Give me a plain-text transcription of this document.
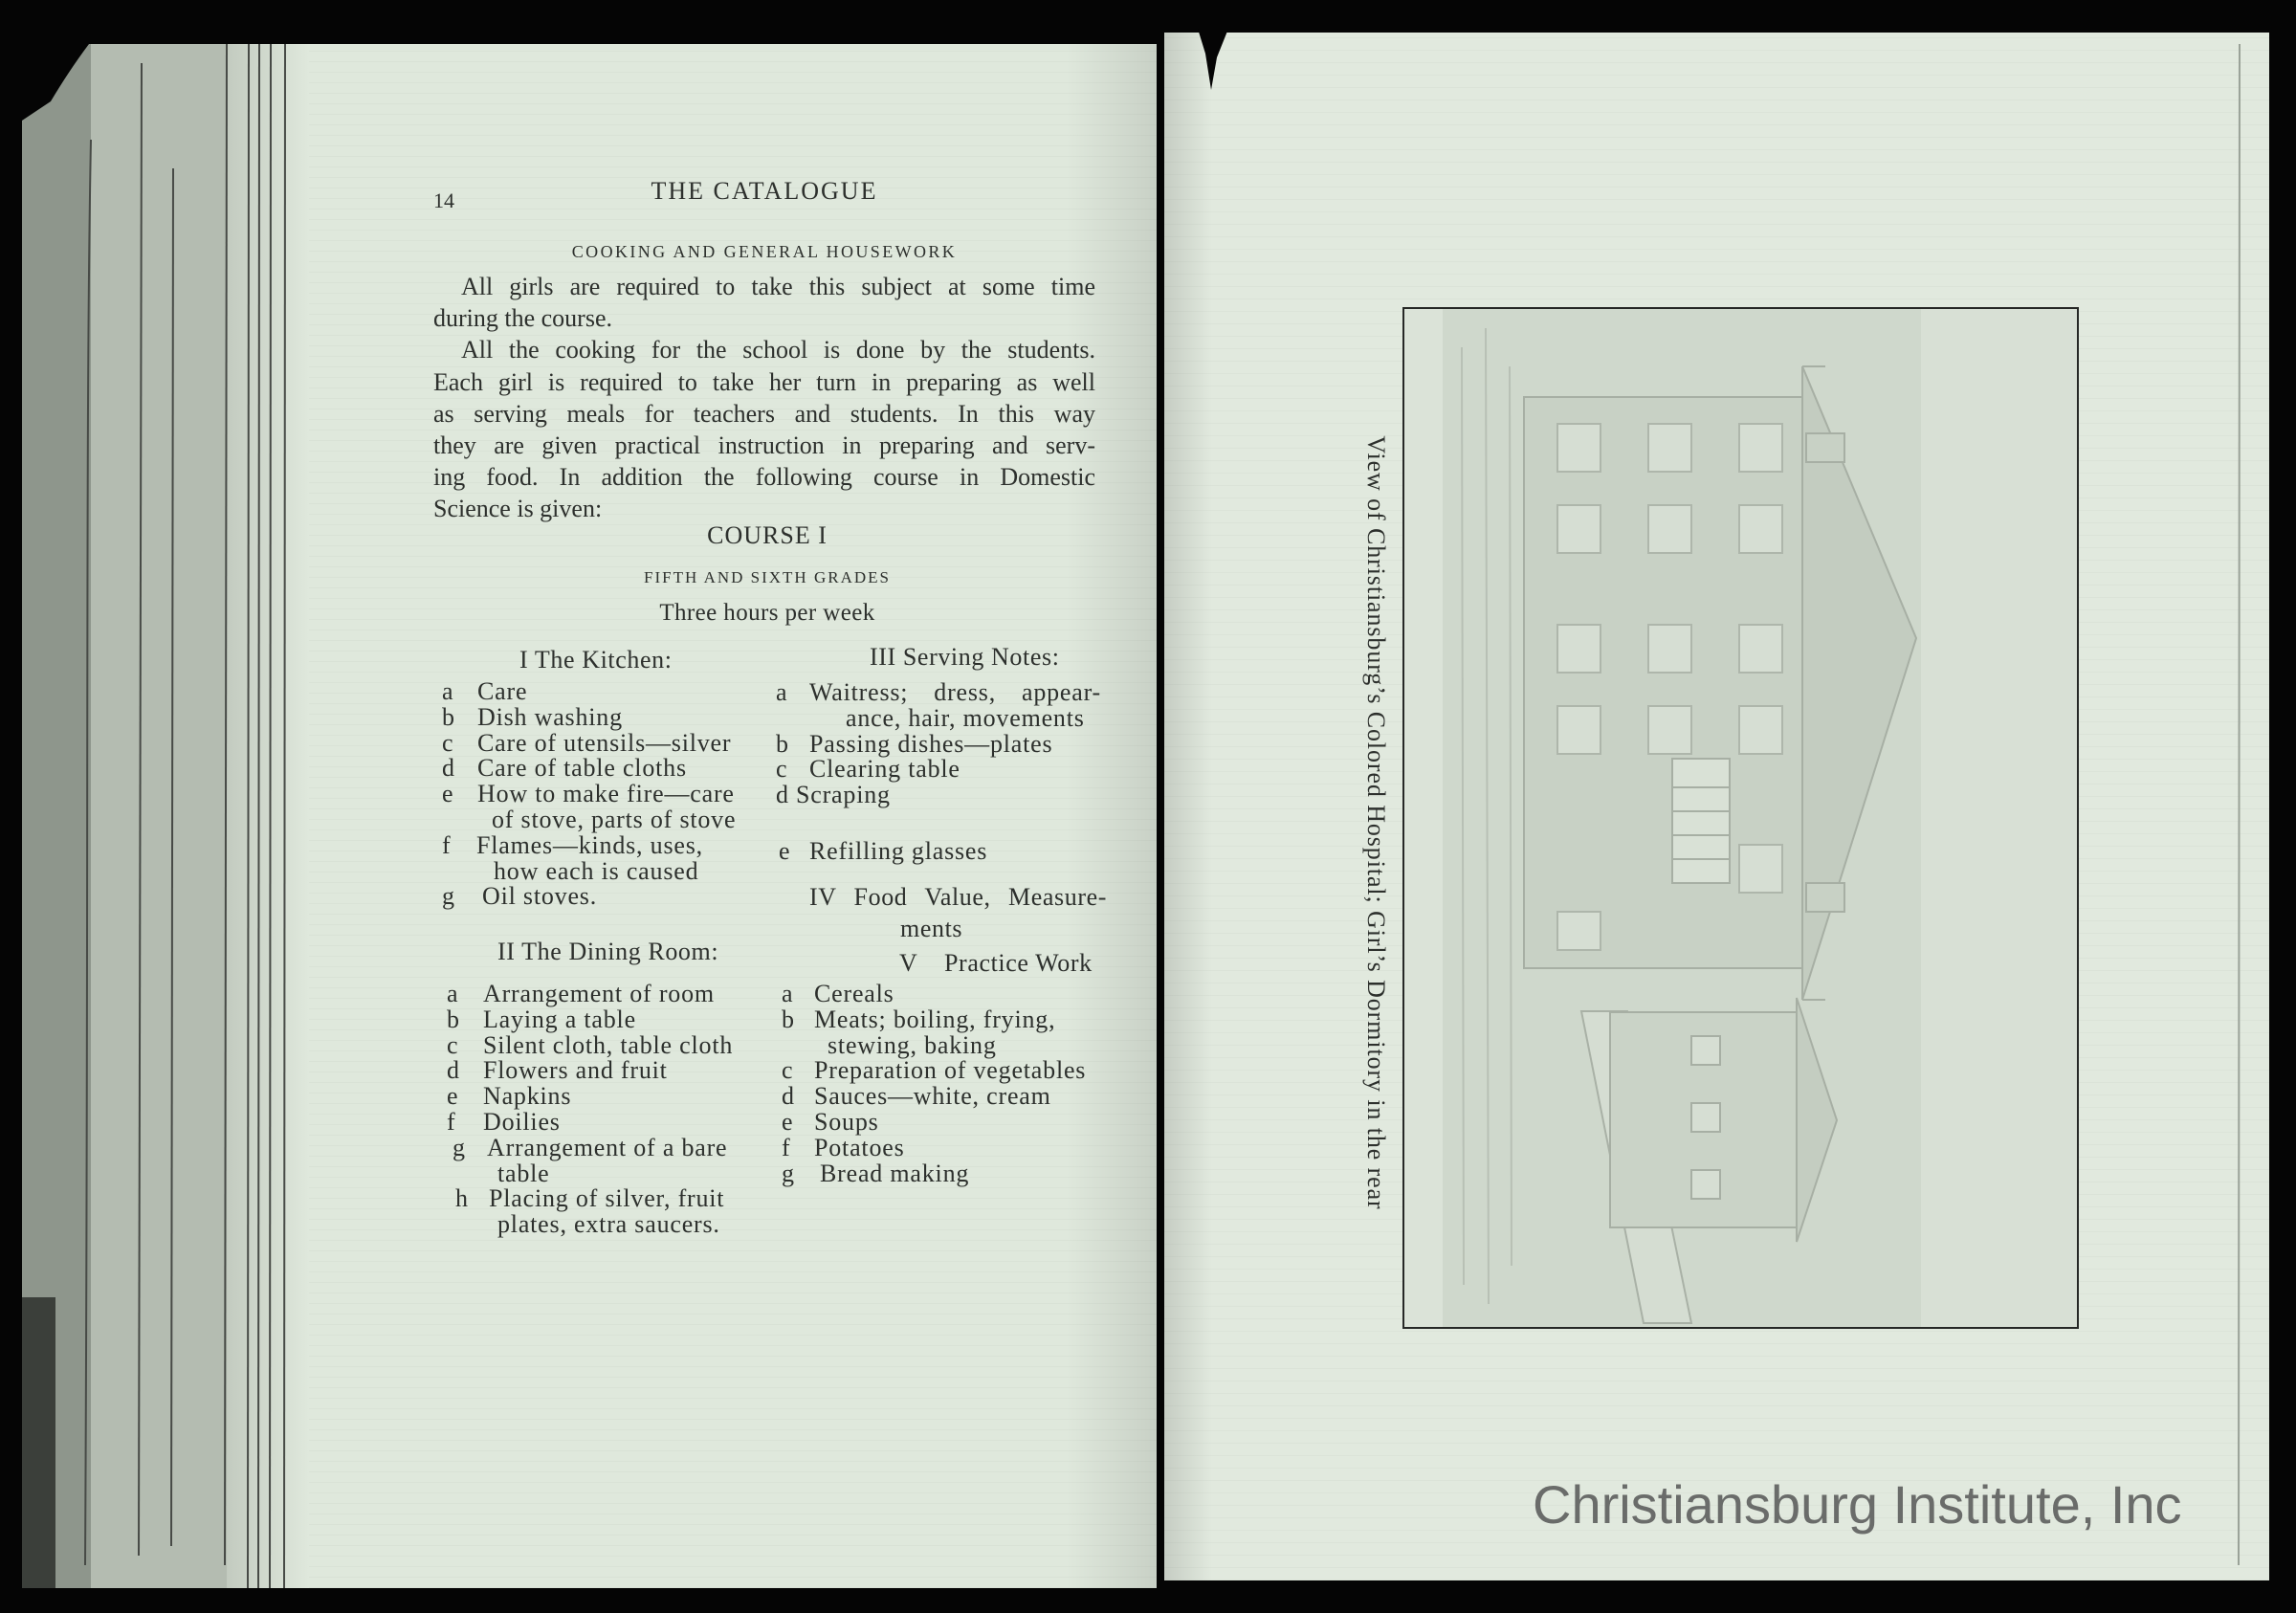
14	THE CATALOGUE
COOKING AND GENERAL HOUSEWORK
All girls are required to take this subject at some time
during the course.
All the cooking for the school is done by the students.
Each girl is required to take her turn in preparing as well
as serving meals for teachers and students. In this way
they are given practical instruction in preparing and serv-
ing food. In addition the following course in Domestic
Science is given:
COURSE I
FIFTH AND SIXTH GRADES
Three hours per week
I The Kitchen:
a Care
b Dish washing
c Care of utensils—silver
d Care of table cloths
e How to make fire—care
of stove, parts of stove
f Flames—kinds, uses,
how each is caused
g Oil stoves.
II The Dining Room:
a Arrangement of room
b Laying a table
c Silent cloth, table cloth
d Flowers and fruit
e Napkins
f Doilies
g Arrangement of a bare
table
h Placing of silver, fruit
plates, extra saucers.
III Serving Notes:
a Waitress; dress, appear-
ance, hair, movements
b Passing dishes—plates
c Clearing table
d Scraping
e Refilling glasses
IV Food Value, Measure-
ments
V Practice Work
a Cereals
b Meats; boiling, frying,
stewing, baking
c Preparation of vegetables
d Sauces—white, cream
e Soups
f Potatoes
g Bread making	View of Christiansburg’s Colored Hospital; Girl’s Dormitory in the rear
Christiansburg Institute, Inc
